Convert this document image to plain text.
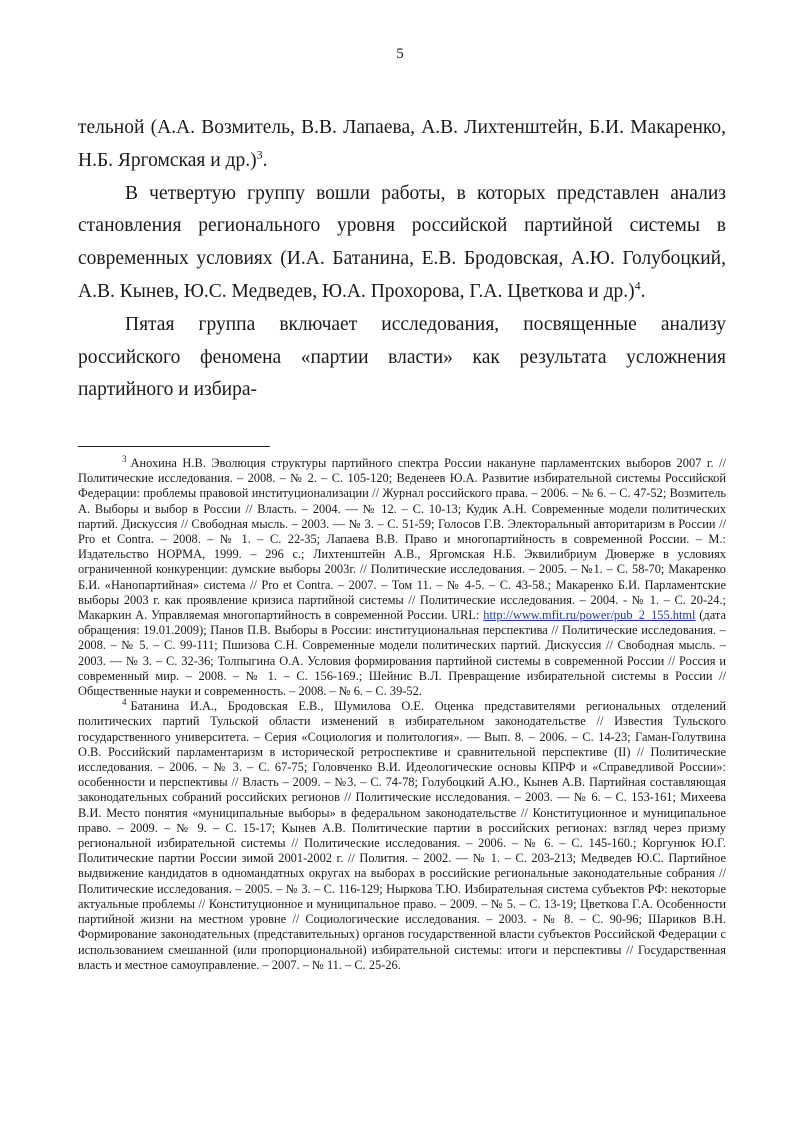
5

тельной (А.А. Возмитель, В.В. Лапаева, А.В. Лихтенштейн, Б.И. Макаренко, Н.Б. Яргомская и др.)$^3$.

В четвертую группу вошли работы, в которых представлен анализ становления регионального уровня российской партийной системы в современных условиях (И.А. Батанина, Е.В. Бродовская, А.Ю. Голубоцкий, А.В. Кынев, Ю.С. Медведев, Ю.А. Прохорова, Г.А. Цветкова и др.)$^4$.

Пятая группа включает исследования, посвященные анализу российского феномена «партии власти» как результата усложнения партийного и избира-

$^3$ Анохина Н.В. Эволюция структуры партийного спектра России накануне парламентских выборов 2007 г. // Политические исследования. – 2008. – № 2. – С. 105-120; Веденеев Ю.А. Развитие избирательной системы Российской Федерации: проблемы правовой институционализации // Журнал российского права. – 2006. – № 6. – С. 47-52; Возмитель А. Выборы и выбор в России // Власть. – 2004. — № 12. – С. 10-13; Кудик А.Н. Современные модели политических партий. Дискуссия // Свободная мысль. – 2003. — № 3. – С. 51-59; Голосов Г.В. Электоральный авторитаризм в России // Pro et Contra. – 2008. – № 1. – С. 22-35; Лапаева В.В. Право и многопартийность в современной России. – М.: Издательство НОРМА, 1999. – 296 с.; Лихтенштейн А.В., Яргомская Н.Б. Эквилибриум Дюверже в условиях ограниченной конкуренции: думские выборы 2003г. // Политические исследования. – 2005. – №1. – С. 58-70; Макаренко Б.И. «Нанопартийная» система // Pro et Contra. – 2007. – Том 11. – № 4-5. – С. 43-58.; Макаренко Б.И. Парламентские выборы 2003 г. как проявление кризиса партийной системы // Политические исследования. – 2004. - № 1. – С. 20-24.; Макаркин А. Управляемая многопартийность в современной России. URL: http://www.mfit.ru/power/pub_2_155.html (дата обращения: 19.01.2009); Панов П.В. Выборы в России: институциональная перспектива // Политические исследования. – 2008. – № 5. – С. 99-111; Пшизова С.Н. Современные модели политических партий. Дискуссия // Свободная мысль. – 2003. — № 3. – С. 32-36; Толпыгина О.А. Условия формирования партийной системы в современной России // Россия и современный мир. – 2008. – № 1. – С. 156-169.; Шейнис В.Л. Превращение избирательной системы в России // Общественные науки и современность. – 2008. – № 6. – С. 39-52.

$^4$ Батанина И.А., Бродовская Е.В., Шумилова О.Е. Оценка представителями региональных отделений политических партий Тульской области изменений в избирательном законодательстве // Известия Тульского государственного университета. – Серия «Социология и политология». — Вып. 8. – 2006. – С. 14-23; Гаман-Голутвина О.В. Российский парламентаризм в исторической ретроспективе и сравнительной перспективе (II) // Политические исследования. – 2006. – № 3. – С. 67-75; Головченко В.И. Идеологические основы КПРФ и «Справедливой России»: особенности и перспективы // Власть – 2009. – №3. – С. 74-78; Голубоцкий А.Ю., Кынев А.В. Партийная составляющая законодательных собраний российских регионов // Политические исследования. – 2003. — № 6. – С. 153-161; Михеева В.И. Место понятия «муниципальные выборы» в федеральном законодательстве // Конституционное и муниципальное право. – 2009. – № 9. – С. 15-17; Кынев А.В. Политические партии в российских регионах: взгляд через призму региональной избирательной системы // Политические исследования. – 2006. – № 6. – С. 145-160.; Коргунюк Ю.Г. Политические партии России зимой 2001-2002 г. // Полития. – 2002. — № 1. – С. 203-213; Медведев Ю.С. Партийное выдвижение кандидатов в одномандатных округах на выборах в российские региональные законодательные собрания // Политические исследования. – 2005. – № 3. – С. 116-129; Ныркова Т.Ю. Избирательная система субъектов РФ: некоторые актуальные проблемы // Конституционное и муниципальное право. – 2009. – № 5. – С. 13-19; Цветкова Г.А. Особенности партийной жизни на местном уровне // Социологические исследования. – 2003. - № 8. – С. 90-96; Шариков В.Н. Формирование законодательных (представительных) органов государственной власти субъектов Российской Федерации с использованием смешанной (или пропорциональной) избирательной системы: итоги и перспективы // Государственная власть и местное самоуправление. – 2007. – № 11. – С. 25-26.
